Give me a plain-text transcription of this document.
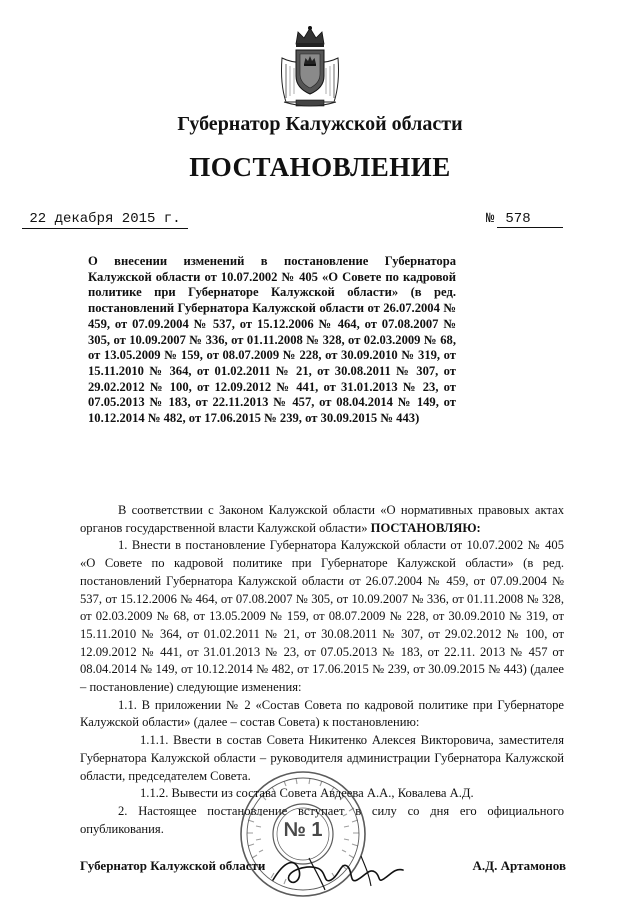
Губернатор Калужской области
ПОСТАНОВЛЕНИЕ
22 декабря 2015 г.	№ 578
О внесении изменений в постановление Губернатора Калужской области от 10.07.2002 № 405 «О Совете по кадровой политике при Губернаторе Калужской области» (в ред. постановлений Губернатора Калужской области от 26.07.2004 № 459, от 07.09.2004 № 537, от 15.12.2006 № 464, от 07.08.2007 № 305, от 10.09.2007 № 336, от 01.11.2008 № 328, от 02.03.2009 № 68, от 13.05.2009 № 159, от 08.07.2009 № 228, от 30.09.2010 № 319, от 15.11.2010 № 364, от 01.02.2011 № 21, от 30.08.2011 № 307, от 29.02.2012 № 100, от 12.09.2012 № 441, от 31.01.2013 № 23, от 07.05.2013 № 183, от 22.11.2013 № 457, от 08.04.2014 № 149, от 10.12.2014 № 482, от 17.06.2015 № 239, от 30.09.2015 № 443)

В соответствии с Законом Калужской области «О нормативных правовых актах органов государственной власти Калужской области» ПОСТАНОВЛЯЮ:

1. Внести в постановление Губернатора Калужской области от 10.07.2002 № 405 «О Совете по кадровой политике при Губернаторе Калужской области» (в ред. постановлений Губернатора Калужской области от 26.07.2004 № 459, от 07.09.2004 № 537, от 15.12.2006 № 464, от 07.08.2007 № 305, от 10.09.2007 № 336, от 01.11.2008 № 328, от 02.03.2009 № 68, от 13.05.2009 № 159, от 08.07.2009 № 228, от 30.09.2010 № 319, от 15.11.2010 № 364, от 01.02.2011 № 21, от 30.08.2011 № 307, от 29.02.2012 № 100, от 12.09.2012 № 441, от 31.01.2013 № 23, от 07.05.2013 № 183, от 22.11. 2013 № 457 от 08.04.2014 № 149, от 10.12.2014 № 482, от 17.06.2015 № 239, от 30.09.2015 № 443) (далее – постановление) следующие изменения:

1.1. В приложении № 2 «Состав Совета по кадровой политике при Губернаторе Калужской области» (далее – состав Совета) к постановлению:

1.1.1. Ввести в состав Совета Никитенко Алексея Викторовича, заместителя Губернатора Калужской области – руководителя администрации Губернатора Калужской области, председателем Совета.

1.1.2. Вывести из состава Совета Авдеева А.А., Ковалева А.Д.

2. Настоящее постановление вступает в силу со дня его официального опубликования.	№ 1
Губернатор Калужской области	А.Д. Артамонов
